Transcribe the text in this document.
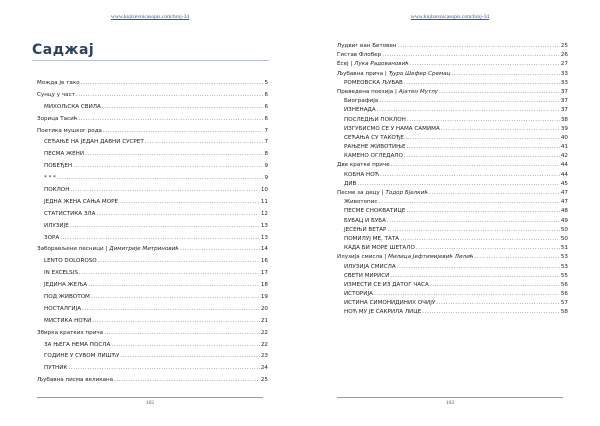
www.knjizevnicasopis.com/broj-34
Саджај
Можда је тако .....	5
Сунцу у част .....	6
МИХОЉСКА СВИЛА .....	6
Зорица Тасић .....	6
Поетика мушког рода .....	7
СЕЋАЊЕ НА ЈЕДАН ДАВНИ СУСРЕТ .....	7
ПЕСМА ЖЕНИ .....	8
ПОБЕЂЕН .....	9
* * * .....	9
ПОКЛОН .....	10
ЈЕДНА ЖЕНА САЊА МОРЕ .....	11
СТАТИСТИКА ЗЛА .....	12
ИЛУЗИЈЕ .....	13
ЗОРА .....	13
Заборављени песници | Димитрије Митриновић .....	14
LENTO DOLOROSO .....	16
IN EXCELSIS .....	17
ЈЕДИНА ЖЕЉА .....	18
ПОД ЖИВОТОМ .....	19
НОСТАЛГИЈА .....	20
МИСТИКА НОЋИ .....	21
Збирка кратких прича .....	22
ЗА ЊЕГА НЕМА ПОСЛА .....	22
ГОДИНЕ У СУВОМ ЛИШЋУ .....	23
ПУТНИК .....	24
Љубавна писма великана .....	25
102
www.knjizevnicasopis.com/broj-34
Лудвиг ван Бетовен .....	25
Гистав Флобер .....	26
Есеј | Лука Радовановић .....	27
Љубавна прича | Ђуро Шефер Сремац .....	33
РОМЕОВСКА ЉУБАВ .....	33
Преведена поезија | Ајатен Мутлу .....	37
Биографија .....	37
ИЗНЕНАДА .....	37
ПОСЛЕДЊИ ПОКЛОН .....	38
ИЗГУБИСМО СЕ У НАМА САМИМА .....	39
СЕЋАЊА СУ ТАКОЂЕ... .....	40
РАЊЕНЕ ЖИВОТИЊЕ .....	41
КАМЕНО ОГЛЕДАЛО .....	42
Две кратке приче .....	44
КОБНА НОЋ .....	44
ДИВ .....	45
Песме за децу | Тодор Бјелкић .....	47
Животопис .....	47
ПЕСМЕ СНОКВАТИЦЕ .....	48
БУБАЦ И БУБА .....	49
ЈЕСЕЊИ ВЕТАР .....	50
ПОМИЛУЈ МЕ, ТАТА .....	50
КАДА БИ МОРЕ ШЕТАЛО .....	51
Илузија смисла | Милица Јефтимијевић Лилић .....	53
ИЛУЗИЈА СМИСЛА .....	53
СВЕТИ МИРИСИ .....	55
ИЗМЕСТИ СЕ ИЗ ДАТОГ ЧАСА .....	56
ИСТОРИЈА .....	56
ИСТИНА СИМОНИДИНИХ ОЧИЈУ .....	57
НОЋ МУ ЈЕ САКРИЛА ЛИЦЕ .....	58
103
